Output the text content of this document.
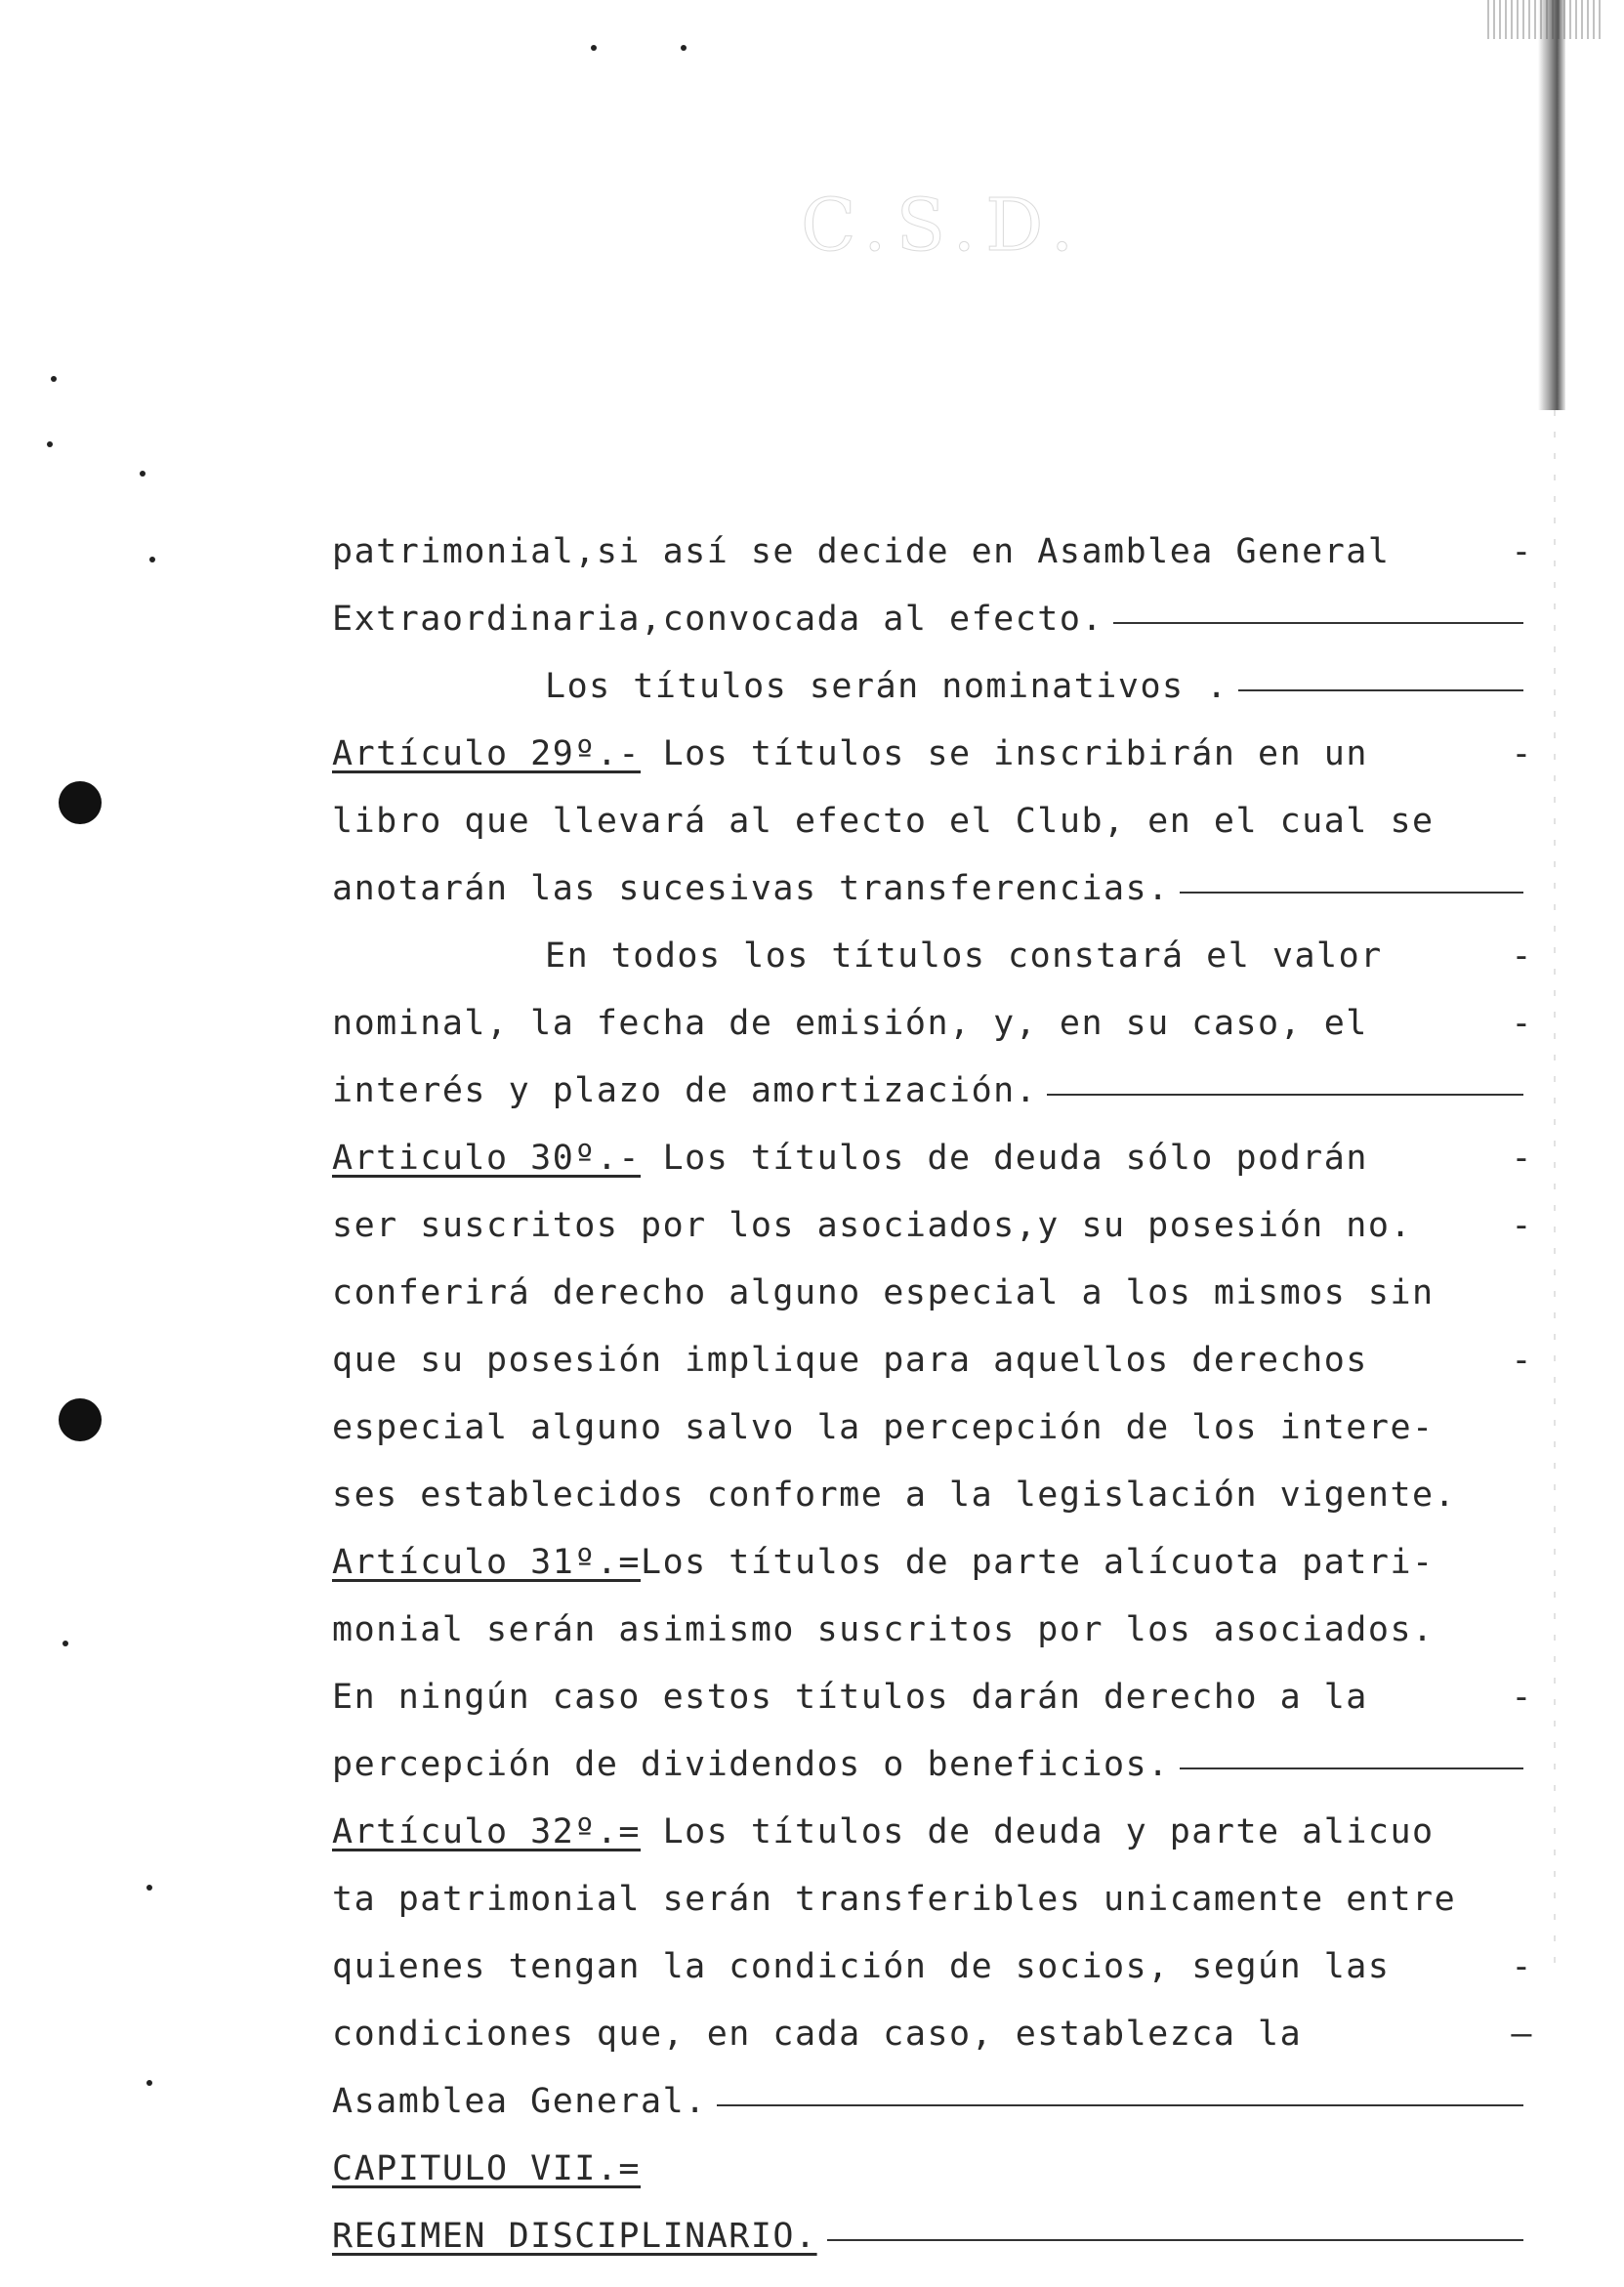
C.S.D.
patrimonial,si así se decide en Asamblea General	-
Extraordinaria,convocada al efecto.
Los títulos serán nominativos .
Artículo 29º.- Los títulos se inscribirán en un	-
libro que llevará al efecto el Club, en el cual se
anotarán las sucesivas transferencias.
En todos los títulos constará el valor	-
nominal, la fecha de emisión, y, en su caso, el	-
interés y plazo de amortización.
Articulo 30º.- Los títulos de deuda sólo podrán	-
ser suscritos por los asociados,y su posesión no.	-
conferirá derecho alguno especial a los mismos sin
que su posesión implique para aquellos derechos	-
especial alguno salvo la percepción de los intere-
ses establecidos conforme a la legislación vigente.
Artículo 31º.=Los títulos de parte alícuota patri-
monial serán asimismo suscritos por los asociados.
En ningún caso estos títulos darán derecho a la	-
percepción de dividendos o beneficios.
Artículo 32º.= Los títulos de deuda y parte alicuo
ta patrimonial serán transferibles unicamente entre
quienes tengan la condición de socios, según las	-
condiciones que, en cada caso, establezca la	—
Asamblea General.
CAPITULO VII.=
REGIMEN DISCIPLINARIO.
